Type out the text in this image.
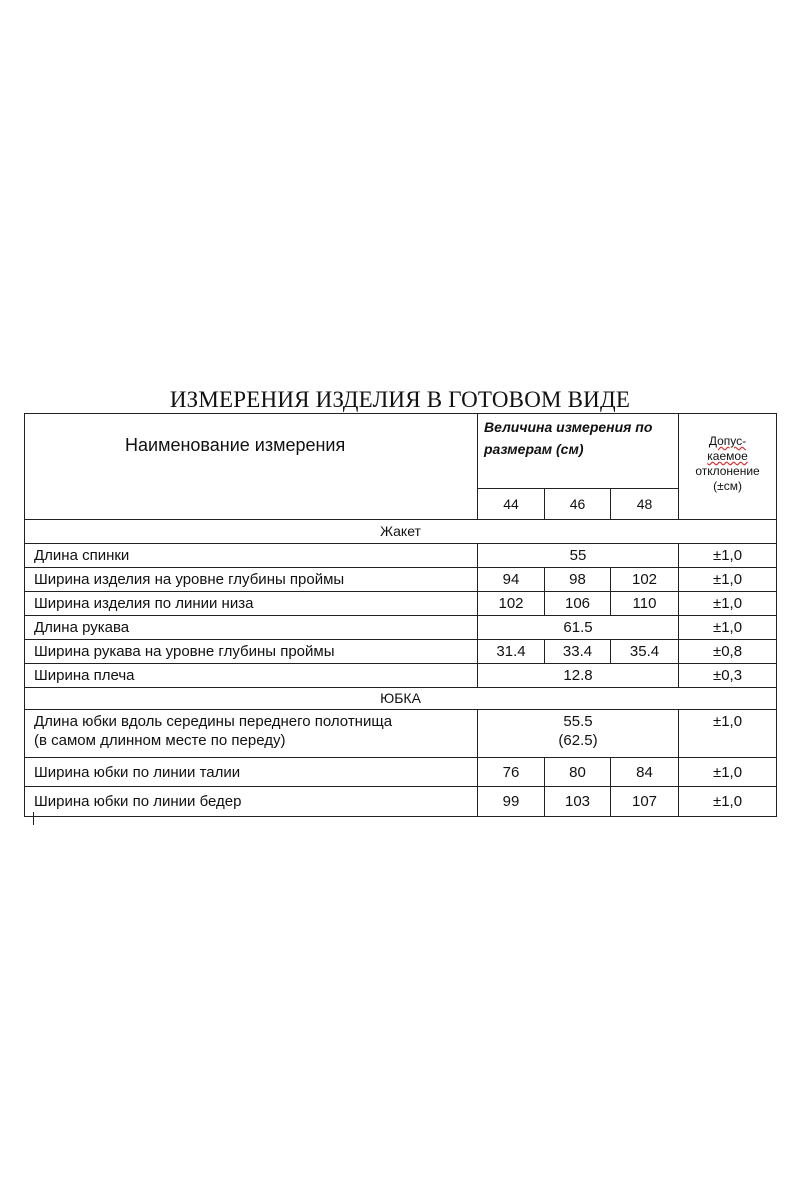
ИЗМЕРЕНИЯ ИЗДЕЛИЯ В ГОТОВОМ ВИДЕ
Наименование измерения	Величина измерения по размерам (см)			Допус-
каемое
отклонение
(±см)
	44	46	48	
Жакет				
Длина спинки	55			±1,0
Ширина изделия на уровне глубины проймы	94	98	102	±1,0
Ширина изделия по линии низа	102	106	110	±1,0
Длина рукава	61.5			±1,0
Ширина рукава на уровне глубины проймы	31.4	33.4	35.4	±0,8
Ширина плеча	12.8			±0,3
ЮБКА				
Длина юбки вдоль середины переднего полотнища
(в самом длинном месте по переду)	55.5
(62.5)			±1,0
Ширина юбки по линии талии	76	80	84	±1,0
Ширина юбки по линии бедер	99	103	107	±1,0
